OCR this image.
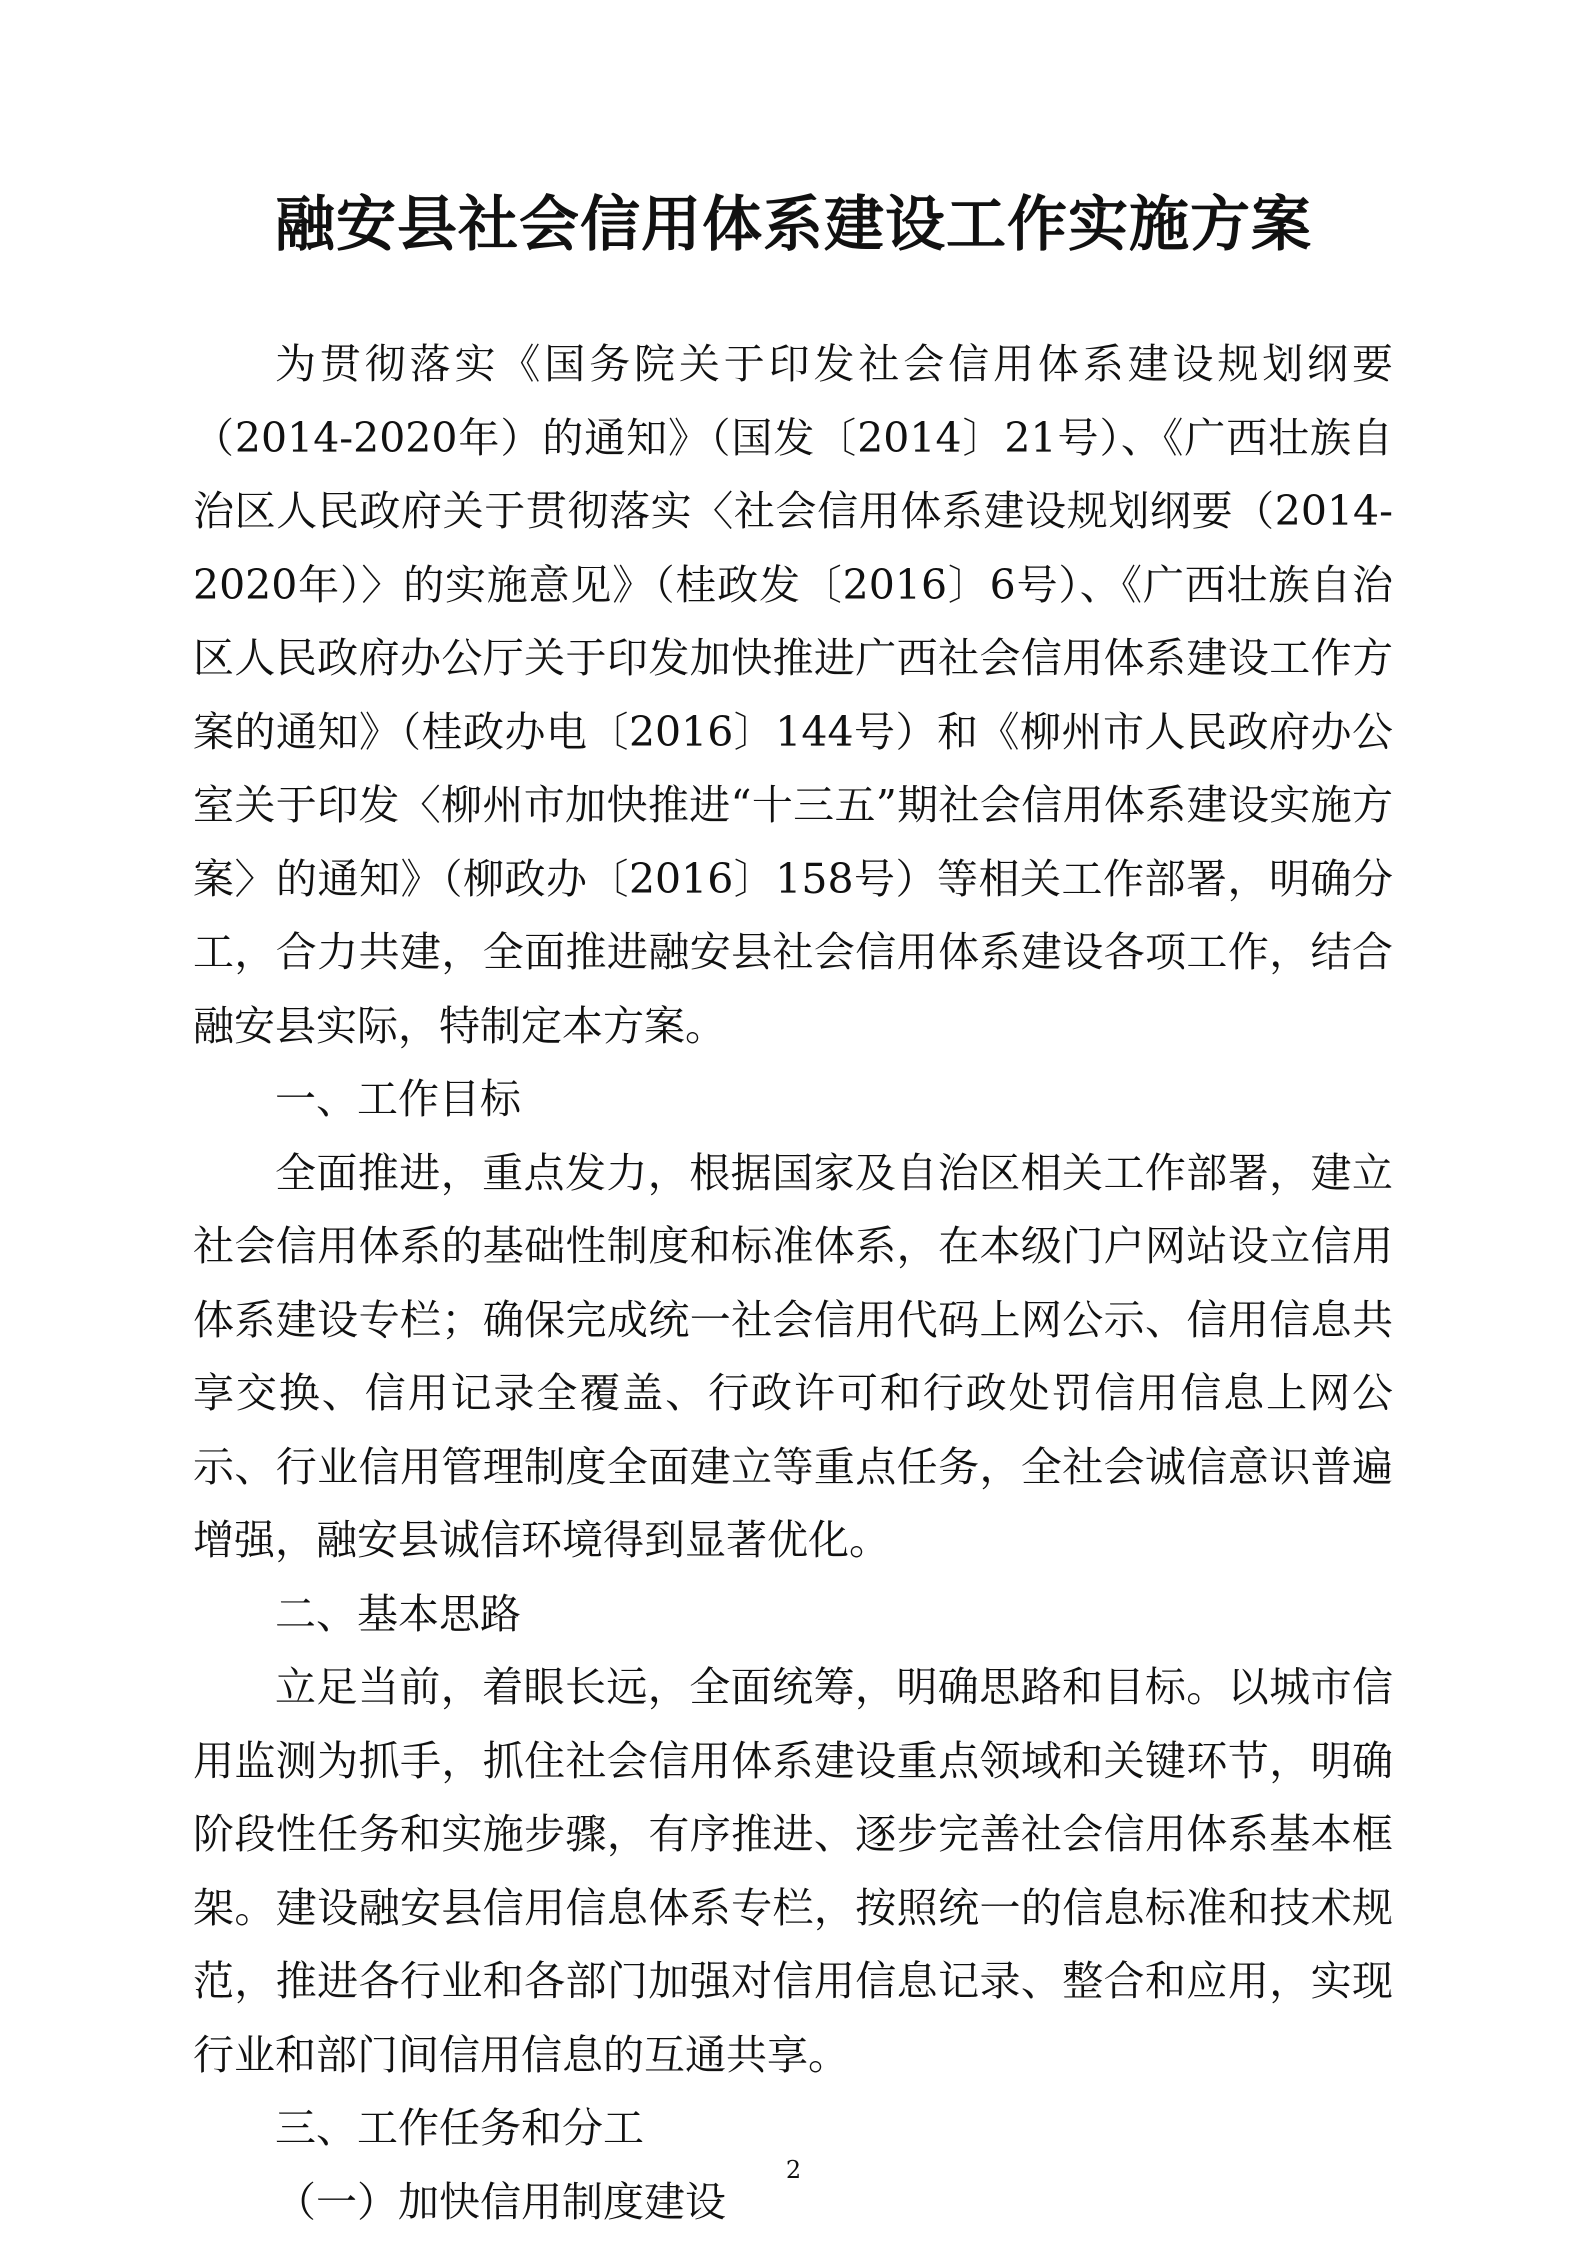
融安县社会信用体系建设工作实施方案

为贯彻落实《国务院关于印发社会信用体系建设规划纲要（2014-2020年）的通知》（国发〔2014〕21号）、《广西壮族自治区人民政府关于贯彻落实〈社会信用体系建设规划纲要（2014-2020年）〉的实施意见》（桂政发〔2016〕6号）、《广西壮族自治区人民政府办公厅关于印发加快推进广西社会信用体系建设工作方案的通知》（桂政办电〔2016〕144号）和《柳州市人民政府办公室关于印发〈柳州市加快推进“十三五”期社会信用体系建设实施方案〉的通知》（柳政办〔2016〕158号）等相关工作部署，明确分工，合力共建，全面推进融安县社会信用体系建设各项工作，结合融安县实际，特制定本方案。

一、工作目标

全面推进，重点发力，根据国家及自治区相关工作部署，建立社会信用体系的基础性制度和标准体系，在本级门户网站设立信用体系建设专栏；确保完成统一社会信用代码上网公示、信用信息共享交换、信用记录全覆盖、行政许可和行政处罚信用信息上网公示、行业信用管理制度全面建立等重点任务，全社会诚信意识普遍增强，融安县诚信环境得到显著优化。

二、基本思路

立足当前，着眼长远，全面统筹，明确思路和目标。以城市信用监测为抓手，抓住社会信用体系建设重点领域和关键环节，明确阶段性任务和实施步骤，有序推进、逐步完善社会信用体系基本框架。建设融安县信用信息体系专栏，按照统一的信息标准和技术规范，推进各行业和各部门加强对信用信息记录、整合和应用，实现行业和部门间信用信息的互通共享。

三、工作任务和分工

（一）加快信用制度建设

2
